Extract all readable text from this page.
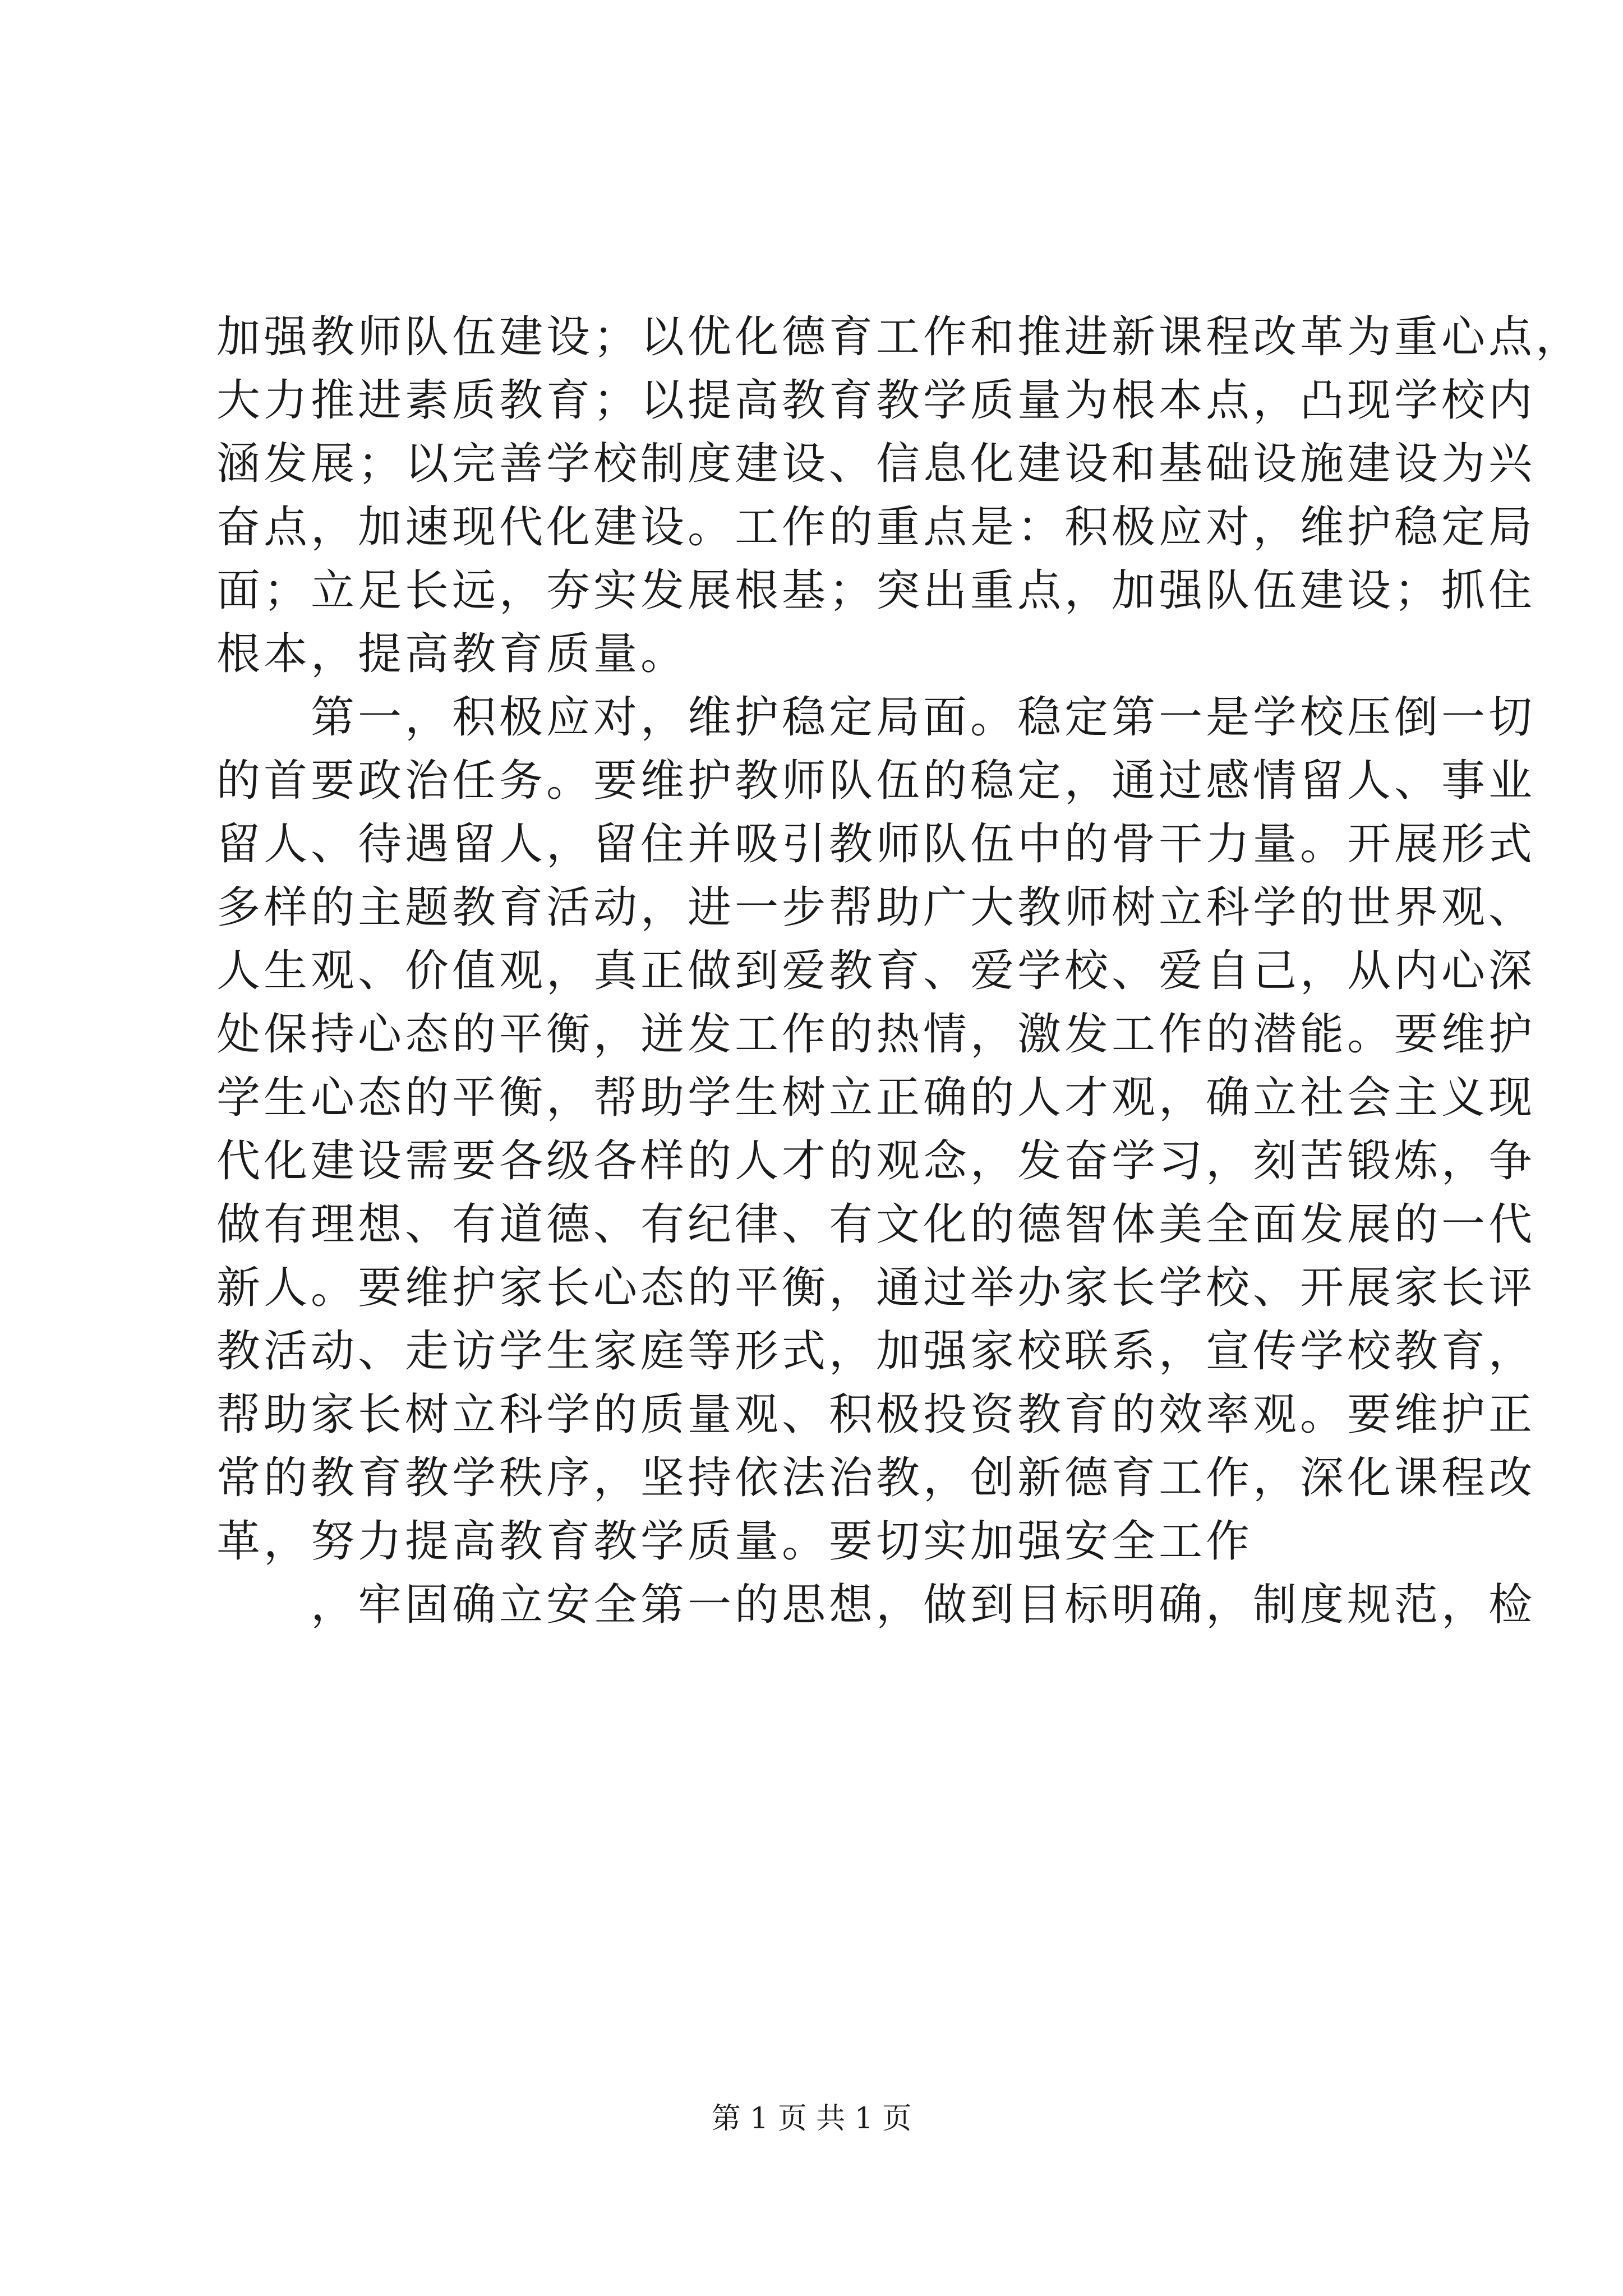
加强教师队伍建设；以优化德育工作和推进新课程改革为重心点，
大力推进素质教育；以提高教育教学质量为根本点，凸现学校内
涵发展；以完善学校制度建设、信息化建设和基础设施建设为兴
奋点，加速现代化建设。工作的重点是：积极应对，维护稳定局
面；立足长远，夯实发展根基；突出重点，加强队伍建设；抓住
根本，提高教育质量。
　　第一，积极应对，维护稳定局面。稳定第一是学校压倒一切
的首要政治任务。要维护教师队伍的稳定，通过感情留人、事业
留人、待遇留人，留住并吸引教师队伍中的骨干力量。开展形式
多样的主题教育活动，进一步帮助广大教师树立科学的世界观、
人生观、价值观，真正做到爱教育、爱学校、爱自己，从内心深
处保持心态的平衡，迸发工作的热情，激发工作的潜能。要维护
学生心态的平衡，帮助学生树立正确的人才观，确立社会主义现
代化建设需要各级各样的人才的观念，发奋学习，刻苦锻炼，争
做有理想、有道德、有纪律、有文化的德智体美全面发展的一代
新人。要维护家长心态的平衡，通过举办家长学校、开展家长评
教活动、走访学生家庭等形式，加强家校联系，宣传学校教育，
帮助家长树立科学的质量观、积极投资教育的效率观。要维护正
常的教育教学秩序，坚持依法治教，创新德育工作，深化课程改
革，努力提高教育教学质量。要切实加强安全工作
　　，牢固确立安全第一的思想，做到目标明确，制度规范，检
第 1 页 共 1 页
